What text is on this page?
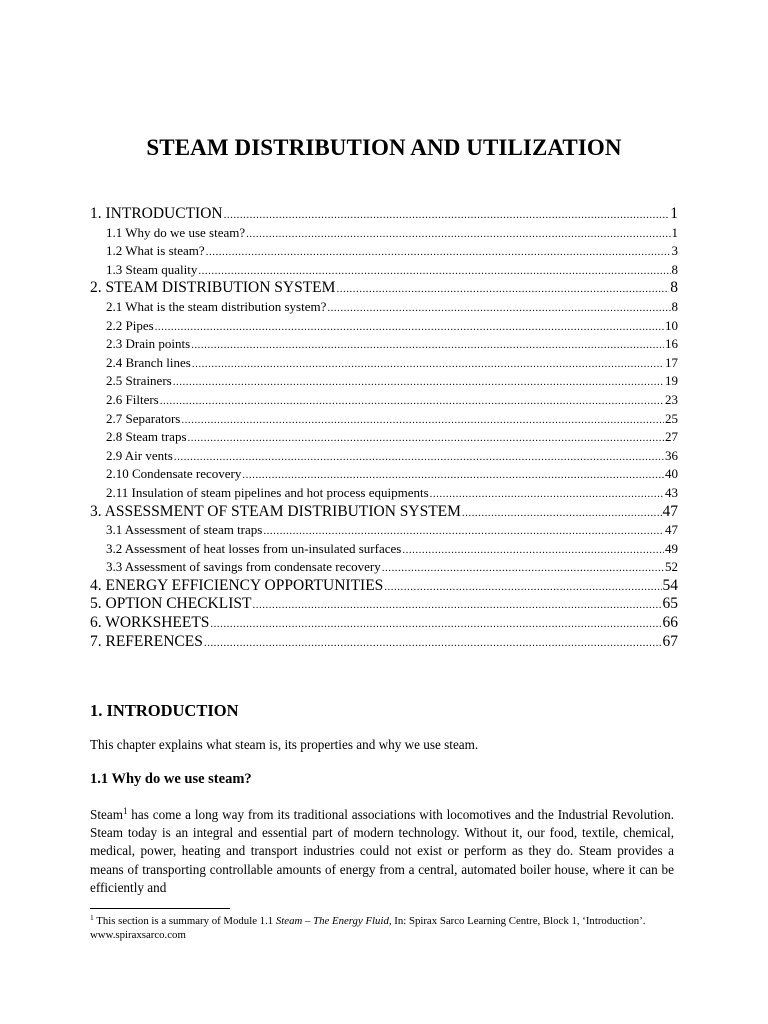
STEAM DISTRIBUTION AND UTILIZATION
1. INTRODUCTION .....	1
1.1 Why do we use steam? .....	1
1.2 What is steam? .....	3
1.3 Steam quality .....	8
2. STEAM DISTRIBUTION SYSTEM .....	8
2.1 What is the steam distribution system? .....	8
2.2 Pipes .....	10
2.3 Drain points .....	16
2.4 Branch lines .....	17
2.5 Strainers .....	19
2.6 Filters .....	23
2.7 Separators .....	25
2.8 Steam traps .....	27
2.9 Air vents .....	36
2.10 Condensate recovery .....	40
2.11 Insulation of steam pipelines and hot process equipments .....	43
3. ASSESSMENT OF STEAM DISTRIBUTION SYSTEM .....	47
3.1 Assessment of steam traps .....	47
3.2 Assessment of heat losses from un-insulated surfaces .....	49
3.3 Assessment of savings from condensate recovery .....	52
4. ENERGY EFFICIENCY OPPORTUNITIES .....	54
5. OPTION CHECKLIST .....	65
6. WORKSHEETS .....	66
7. REFERENCES .....	67
1. INTRODUCTION
This chapter explains what steam is, its properties and why we use steam.
1.1 Why do we use steam?
Steam$^1$ has come a long way from its traditional associations with locomotives and the Industrial Revolution. Steam today is an integral and essential part of modern technology. Without it, our food, textile, chemical, medical, power, heating and transport industries could not exist or perform as they do. Steam provides a means of transporting controllable amounts of energy from a central, automated boiler house, where it can be efficiently and
$^1$ This section is a summary of Module 1.1 Steam – The Energy Fluid, In: Spirax Sarco Learning Centre, Block 1, ‘Introduction’. www.spiraxsarco.com
